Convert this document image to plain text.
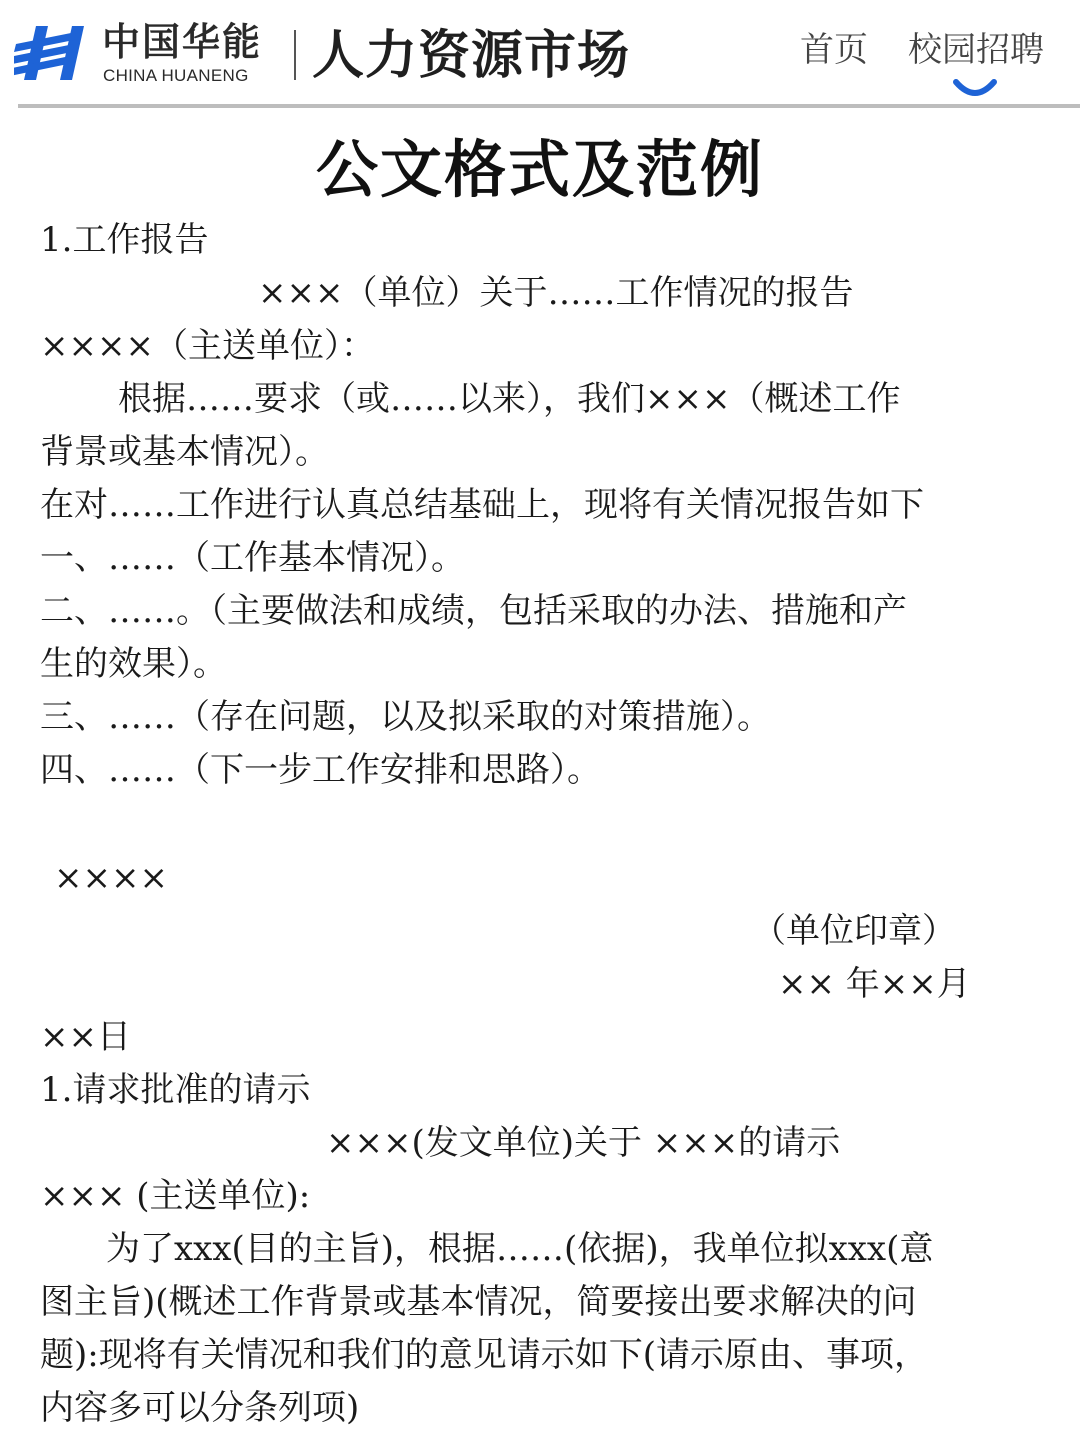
中国华能
CHINA HUANENG 人力资源市场	首页 校园招聘
公文格式及范例
1.工作报告
×××（单位）关于……工作情况的报告
××××（主送单位）：
根据……要求（或……以来），我们×××（概述工作
背景或基本情况）。
在对……工作进行认真总结基础上，现将有关情况报告如下
一、……（工作基本情况）。
二、……。（主要做法和成绩，包括采取的办法、措施和产
生的效果）。
三、……（存在问题，以及拟采取的对策措施）。
四、……（下一步工作安排和思路）。
××××
（单位印章）
×× 年××月
××日
1.请求批准的请示
×××(发文单位)关于 ×××的请示
××× (主送单位):
为了xxx(目的主旨)，根据……(依据)，我单位拟xxx(意
图主旨)(概述工作背景或基本情况，简要接出要求解决的问
题):现将有关情况和我们的意见请示如下(请示原由、事项，
内容多可以分条列项)
